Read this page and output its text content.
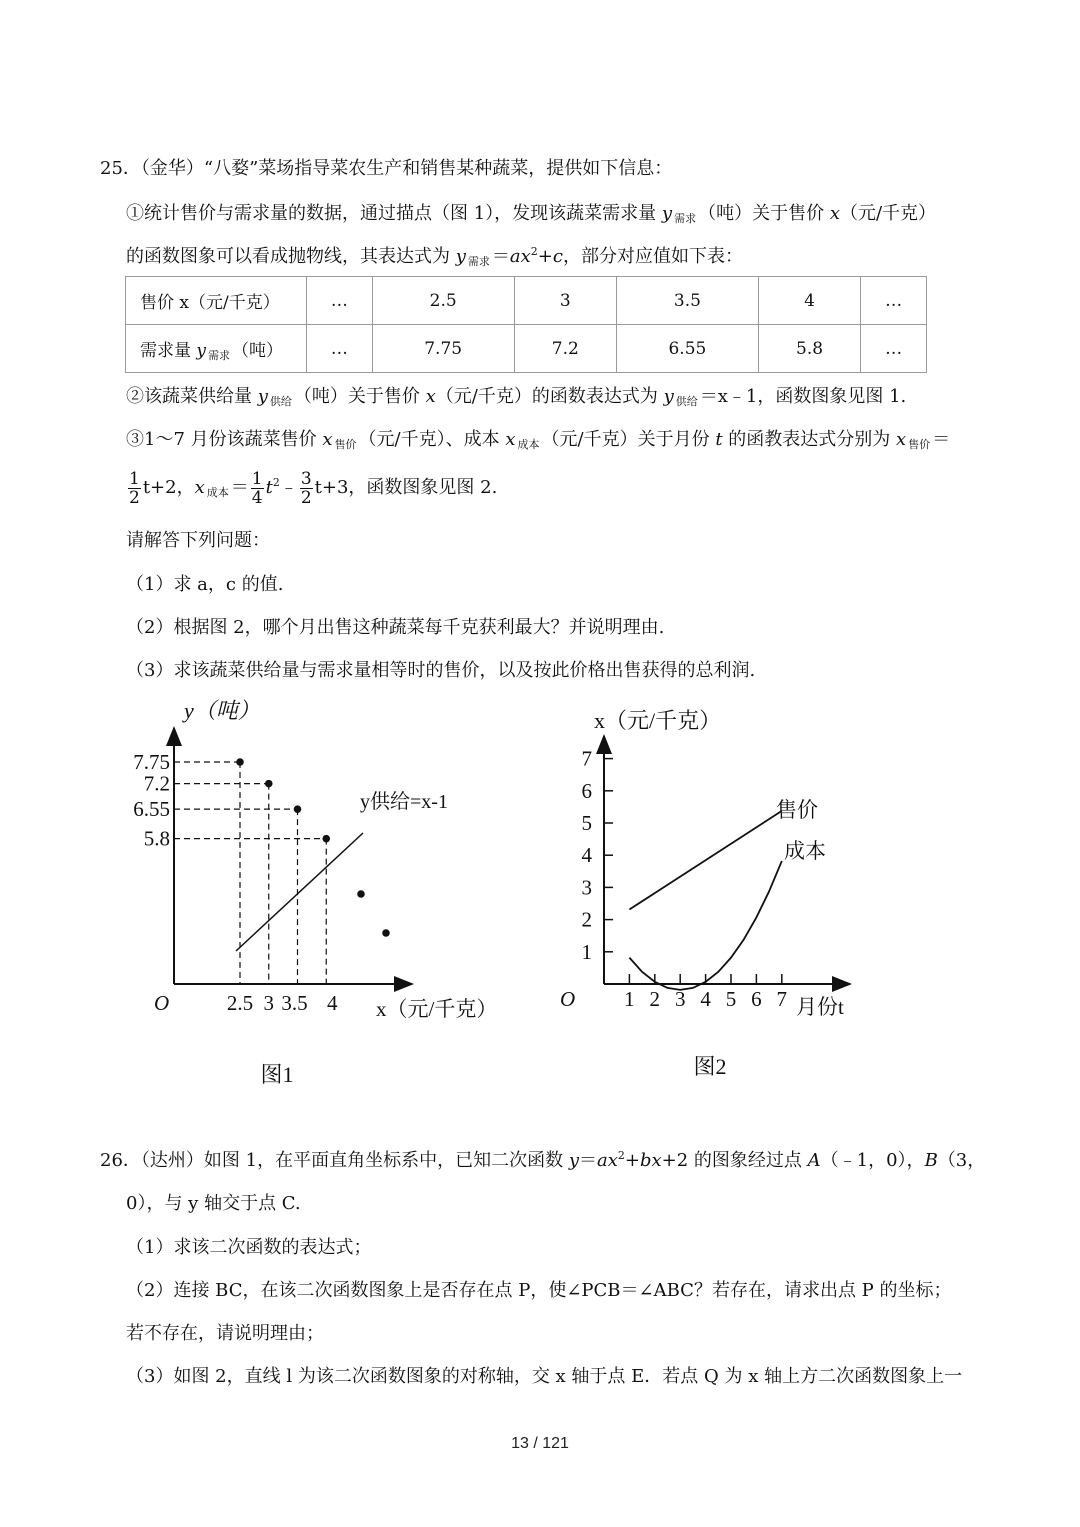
25．（金华）“八婺”菜场指导菜农生产和销售某种蔬菜，提供如下信息：
①统计售价与需求量的数据，通过描点（图 1），发现该蔬菜需求量 y 需求 （吨）关于售价 x（元/千克）
的函数图象可以看成抛物线，其表达式为 y 需求 $=ax^2+c$，部分对应值如下表：
售价 x（元/千克）	…	2.5	3	3.5	4	…
需求量 y 需求 （吨）	…	7.75	7.2	6.55	5.8	…
②该蔬菜供给量 y 供给 （吨）关于售价 x（元/千克）的函数表达式为 y 供给 ＝x﹣1，函数图象见图 1.
③1～7 月份该蔬菜售价 x 售价 （元/千克）、成本 x 成本 （元/千克）关于月份 t 的函教表达式分别为 x 售价 ＝
$\frac{1}{2} t+2$，x 成本 ＝ $\frac{1}{4}$ $t^2﹣ \frac{3}{2} t+3$，函数图象见图 2.
请解答下列问题：
（1）求 a，c 的值.
（2）根据图 2，哪个月出售这种蔬菜每千克获利最大？并说明理由.
（3）求该蔬菜供给量与需求量相等时的售价，以及按此价格出售获得的总利润.
y（吨）
x（元/千克）
O
7.75
7.2
6.55
5.8
2.5 3 3.5 4
y供给=x-1
图1
x（元/千克）
月份t
O 1 2 3 4 5 6 7
1
2
3
4
5
6
7
售价
成本
图2
26．（达州）如图 1，在平面直角坐标系中，已知二次函数 $y=ax^2+bx+2$ 的图象经过点 A（﹣1，0），B（3，
0），与 y 轴交于点 C.
（1）求该二次函数的表达式；
（2）连接 BC，在该二次函数图象上是否存在点 P，使∠PCB＝∠ABC？若存在，请求出点 P 的坐标；
若不存在，请说明理由；
（3）如图 2，直线 l 为该二次函数图象的对称轴，交 x 轴于点 E．若点 Q 为 x 轴上方二次函数图象上一
13 / 121
